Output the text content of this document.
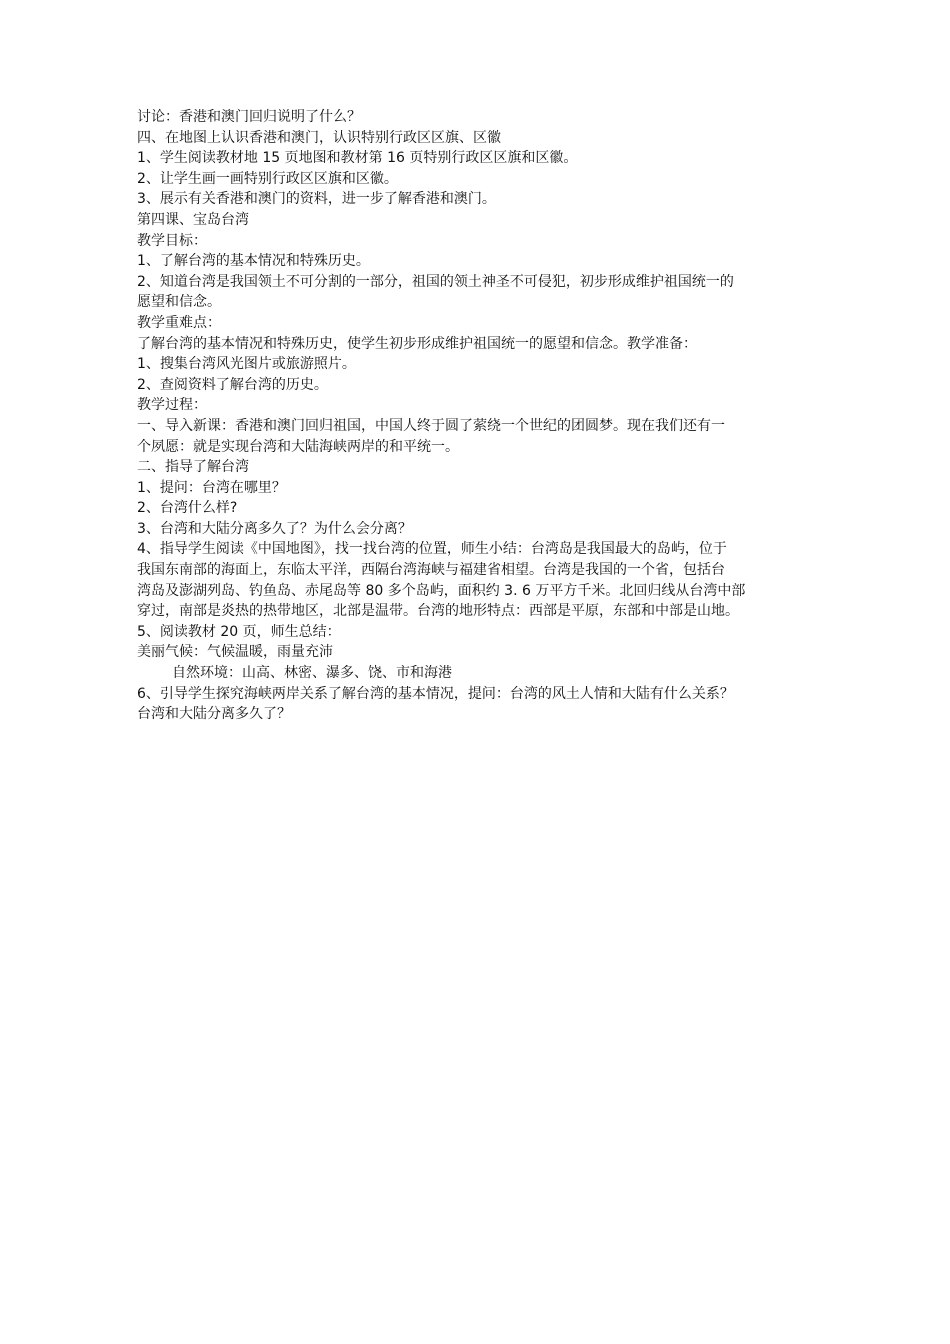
讨论：香港和澳门回归说明了什么？
四、在地图上认识香港和澳门，认识特别行政区区旗、区徽
1、学生阅读教材地 15 页地图和教材第 16 页特别行政区区旗和区徽。
2、让学生画一画特别行政区区旗和区徽。
3、展示有关香港和澳门的资料，进一步了解香港和澳门。
第四课、宝岛台湾
教学目标：
1、了解台湾的基本情况和特殊历史。
2、知道台湾是我国领土不可分割的一部分，祖国的领土神圣不可侵犯，初步形成维护祖国统一的
愿望和信念。
教学重难点：
了解台湾的基本情况和特殊历史，使学生初步形成维护祖国统一的愿望和信念。教学准备：
1、搜集台湾风光图片或旅游照片。
2、查阅资料了解台湾的历史。
教学过程：
一、导入新课：香港和澳门回归祖国，中国人终于圆了萦绕一个世纪的团圆梦。现在我们还有一
个夙愿：就是实现台湾和大陆海峡两岸的和平统一。
二、指导了解台湾
1、提问：台湾在哪里？
2、台湾什么样?
3、台湾和大陆分离多久了？为什么会分离？
4、指导学生阅读《中国地图》，找一找台湾的位置，师生小结：台湾岛是我国最大的岛屿，位于
我国东南部的海面上，东临太平洋，西隔台湾海峡与福建省相望。台湾是我国的一个省，包括台
湾岛及澎湖列岛、钓鱼岛、赤尾岛等 80 多个岛屿，面积约 3. 6 万平方千米。北回归线从台湾中部
穿过，南部是炎热的热带地区，北部是温带。台湾的地形特点：西部是平原，东部和中部是山地。
5、阅读教材 20 页，师生总结：
美丽气候：气候温暖，雨量充沛
自然环境：山高、林密、瀑多、饶、市和海港
6、引导学生探究海峡两岸关系了解台湾的基本情况，提问：台湾的风土人情和大陆有什么关系？
台湾和大陆分离多久了？
